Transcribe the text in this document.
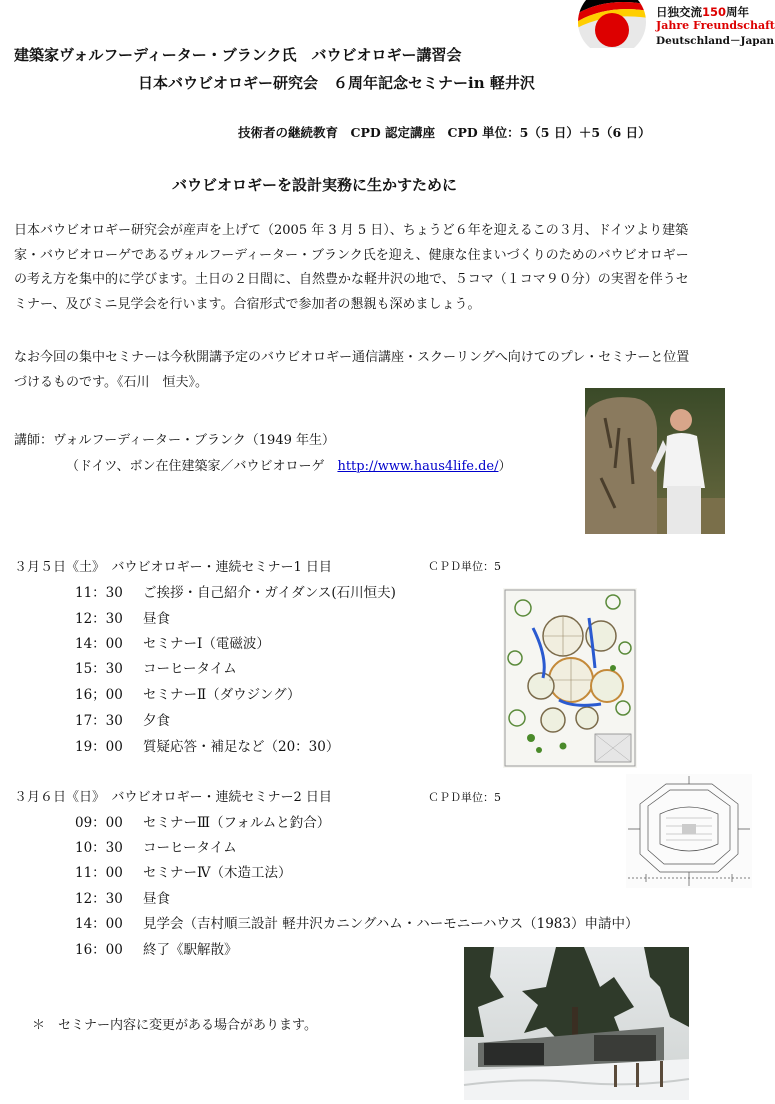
日独交流150周年
Jahre Freundschaft
Deutschland－Japan
建築家ヴォルフーディーター・ブランク氏　バウビオロギー講習会
日本バウビオロギー研究会　６周年記念セミナーin 軽井沢
技術者の継続教育　CPD 認定講座　CPD 単位：5（5 日）＋5（6 日）
バウビオロギーを設計実務に生かすために
日本バウビオロギー研究会が産声を上げて（2005 年 3 月 5 日）、ちょうど６年を迎えるこの３月、ドイツより建築家・バウビオローゲであるヴォルフーディーター・ブランク氏を迎え、健康な住まいづくりのためのバウビオロギーの考え方を集中的に学びます。土日の２日間に、自然豊かな軽井沢の地で、５コマ（１コマ９０分）の実習を伴うセミナー、及びミニ見学会を行います。合宿形式で参加者の懇親も深めましょう。
なお今回の集中セミナーは今秋開講予定のバウビオロギー通信講座・スクーリングへ向けてのプレ・セミナーと位置づけるものです。《石川　恒夫》。
講師：ヴォルフーディーター・ブランク（1949 年生）
（ドイツ、ボン在住建築家／バウビオローゲ　http://www.haus4life.de/）
３月５日《土》　バウビオロギー・連続セミナー1 日目	ＣＰＤ単位：5
11：30 ご挨拶・自己紹介・ガイダンス(石川恒夫)
12：30 昼食
14：00 セミナーⅠ（電磁波）
15：30 コーヒータイム
16；00 セミナーⅡ（ダウジング）
17：30 夕食
19：00 質疑応答・補足など（20：30）
３月６日《日》　バウビオロギー・連続セミナー2 日目	ＣＰＤ単位：5
09：00 セミナーⅢ（フォルムと釣合）
10：30 コーヒータイム
11：00 セミナーⅣ（木造工法）
12：30 昼食
14：00 見学会（吉村順三設計 軽井沢カニングハム・ハーモニーハウス（1983）申請中）
16：00 終了《駅解散》
＊　セミナー内容に変更がある場合があります。
